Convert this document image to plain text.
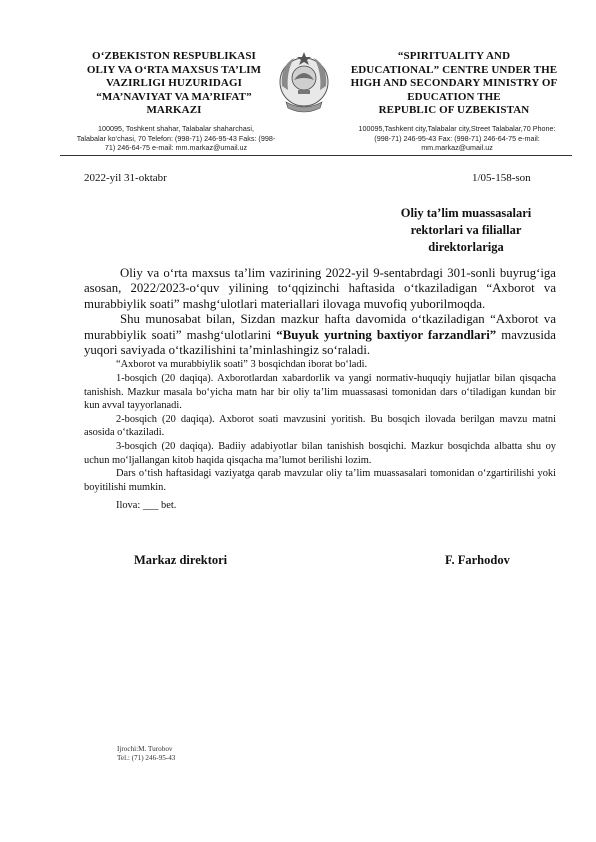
O‘ZBEKISTON RESPUBLIKASI
OLIY VA O‘RTA MAXSUS TA’LIM
VAZIRLIGI HUZURIDAGI
“MA’NAVIYAT VA MA’RIFAT”
MARKAZI
“SPIRITUALITY AND
EDUCATIONAL” CENTRE UNDER THE
HIGH AND SECONDARY MINISTRY OF
EDUCATION THE
REPUBLIC OF UZBEKISTAN
100095, Toshkent shahar, Talabalar shaharchasi,
Talabalar ko‘chasi, 70 Telefon: (998-71) 246-95-43 Faks: (998-
71) 246-64-75 e-mail: mm.markaz@umail.uz
100095,Tashkent city,Talabalar city,Street Talabalar,70 Phone:
(998-71) 246-95-43 Fax: (998-71) 246-64-75 e-mail:
mm.markaz@umail.uz
2022-yil 31-oktabr	1/05-158-son
Oliy ta’lim muassasalari
rektorlari va filiallar
direktorlariga

Oliy va o‘rta maxsus ta’lim vazirining 2022-yil 9-sentabrdagi 301-sonli buyrug‘iga asosan, 2022/2023-o‘quv yilining to‘qqizinchi haftasida o‘tkaziladigan “Axborot va murabbiylik soati” mashg‘ulotlari materiallari ilovaga muvofiq yuborilmoqda.

Shu munosabat bilan, Sizdan mazkur hafta davomida o‘tkaziladigan “Axborot va murabbiylik soati” mashg‘ulotlarini “Buyuk yurtning baxtiyor farzandlari” mavzusida yuqori saviyada o‘tkazilishini ta’minlashingiz so‘raladi.

“Axborot va murabbiylik soati” 3 bosqichdan iborat bo‘ladi.

1-bosqich (20 daqiqa). Axborotlardan xabardorlik va yangi normativ-huquqiy hujjatlar bilan qisqacha tanishish. Mazkur masala bo‘yicha matn har bir oliy ta’lim muassasasi tomonidan dars o‘tiladigan kundan bir kun avval tayyorlanadi.

2-bosqich (20 daqiqa). Axborot soati mavzusini yoritish. Bu bosqich ilovada berilgan mavzu matni asosida o‘tkaziladi.

3-bosqich (20 daqiqa). Badiiy adabiyotlar bilan tanishish bosqichi. Mazkur bosqichda albatta shu oy uchun mo‘ljallangan kitob haqida qisqacha ma’lumot berilishi lozim.

Dars o‘tish haftasidagi vaziyatga qarab mavzular oliy ta’lim muassasalari tomonidan o‘zgartirilishi yoki boyitilishi mumkin.

Ilova: ___ bet.

Markaz direktori	F. Farhodov
Ijrochi:M. Turobov
Tel.: (71) 246-95-43
